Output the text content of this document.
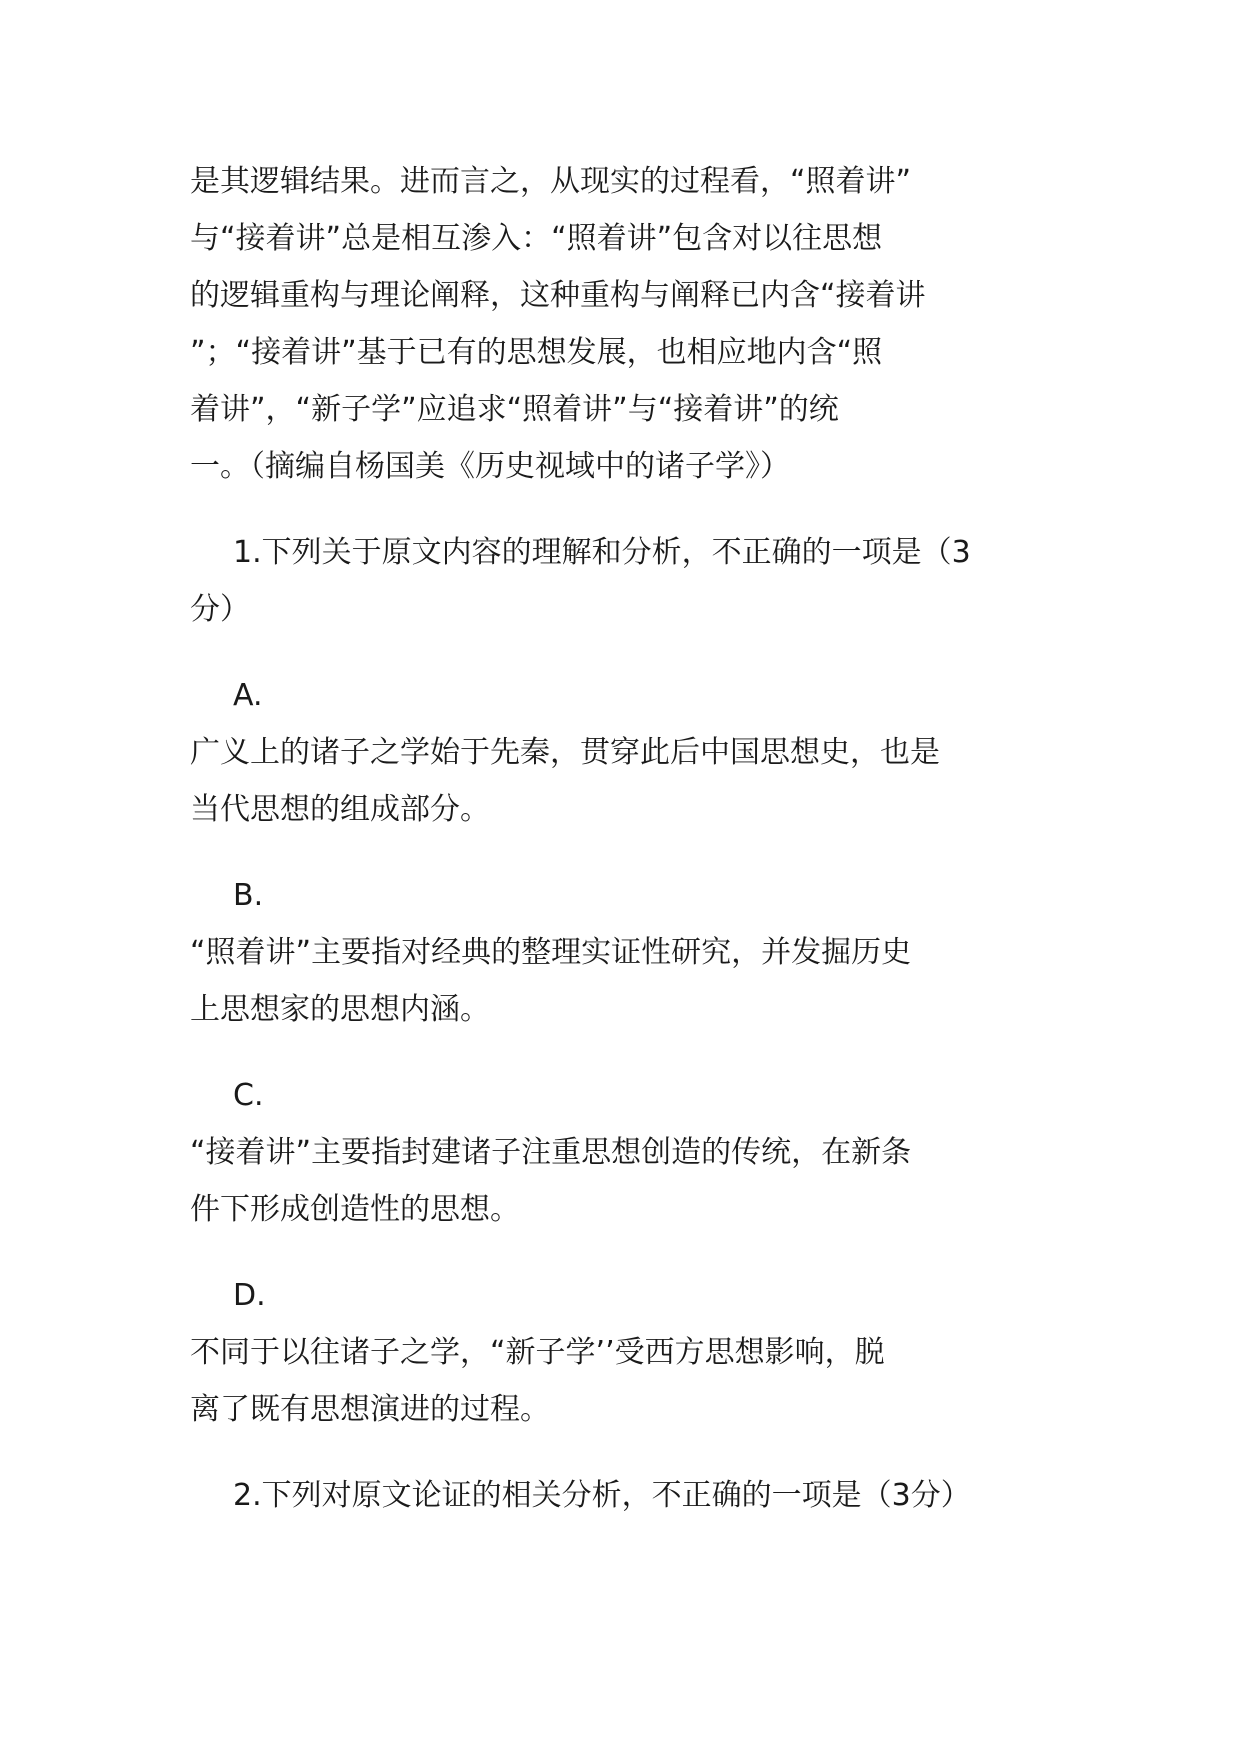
是其逻辑结果。进而言之，从现实的过程看，“照着讲”
与“接着讲”总是相互渗入：“照着讲”包含对以往思想
的逻辑重构与理论阐释，这种重构与阐释已内含“接着讲
”；“接着讲”基于已有的思想发展，也相应地内含“照
着讲”，“新子学”应追求“照着讲”与“接着讲”的统
一。（摘编自杨国美《历史视域中的诸子学》）
1.下列关于原文内容的理解和分析，不正确的一项是（3
分）
A.
广义上的诸子之学始于先秦，贯穿此后中国思想史，也是
当代思想的组成部分。
B.
“照着讲”主要指对经典的整理实证性研究，并发掘历史
上思想家的思想内涵。
C.
“接着讲”主要指封建诸子注重思想创造的传统，在新条
件下形成创造性的思想。
D.
不同于以往诸子之学，“新子学’’受西方思想影响，脱
离了既有思想演进的过程。
2.下列对原文论证的相关分析，不正确的一项是（3分）
